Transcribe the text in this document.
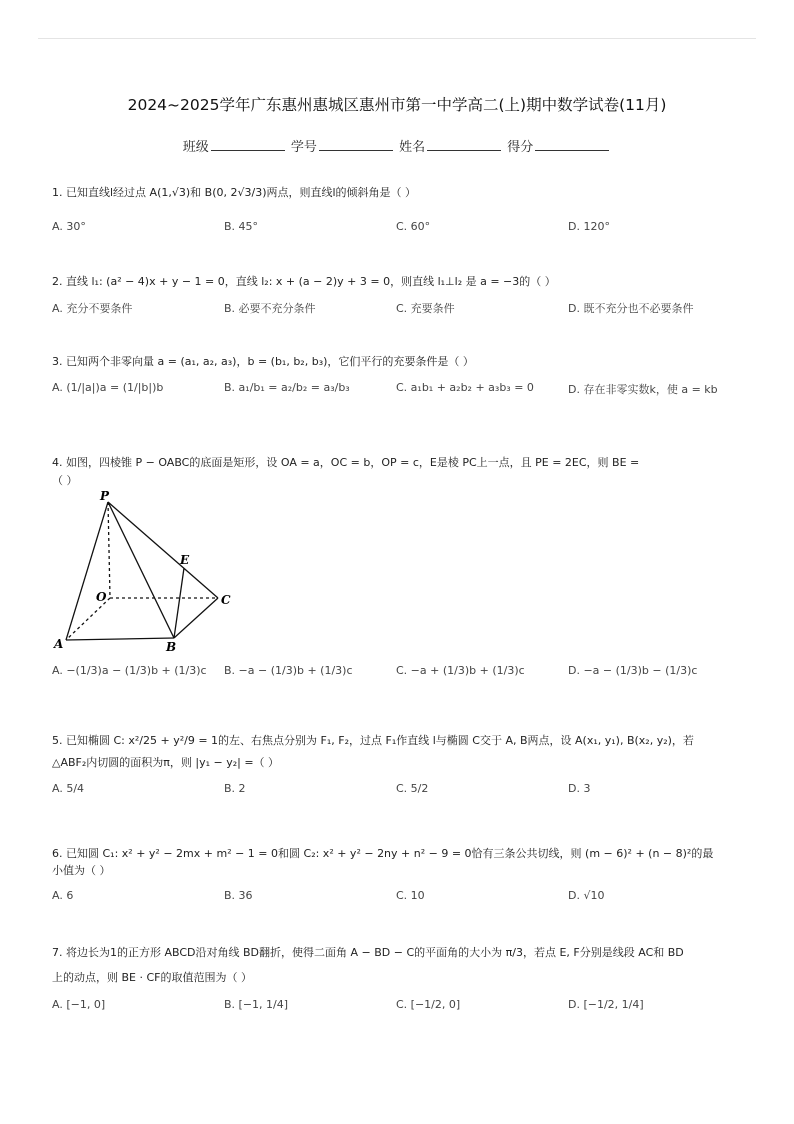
2024~2025学年广东惠州惠城区惠州市第一中学高二(上)期中数学试卷(11月)
班级	学号	姓名	得分
1. 已知直线l经过点 A(1,√3)和 B(0, 2√3/3)两点，则直线l的倾斜角是（ ）
A. 30°	B. 45°	C. 60°	D. 120°
2. 直线 l₁: (a² − 4)x + y − 1 = 0，直线 l₂: x + (a − 2)y + 3 = 0，则直线 l₁⊥l₂ 是 a = −3的（ ）
A. 充分不要条件	B. 必要不充分条件	C. 充要条件	D. 既不充分也不必要条件
3. 已知两个非零向量 a = (a₁, a₂, a₃)，b = (b₁, b₂, b₃)，它们平行的充要条件是（ ）
A. (1/|a|)a = (1/|b|)b	B. a₁/b₁ = a₂/b₂ = a₃/b₃	C. a₁b₁ + a₂b₂ + a₃b₃ = 0	D. 存在非零实数k，使 a = kb
4. 如图，四棱锥 P − OABC的底面是矩形，设 OA = a，OC = b，OP = c，E是棱 PC上一点，且 PE = 2EC，则 BE =
（ ）
P
E
O	C
A	B
A. −(1/3)a − (1/3)b + (1/3)c B. −a − (1/3)b + (1/3)c	C. −a + (1/3)b + (1/3)c	D. −a − (1/3)b − (1/3)c
5. 已知椭圆 C: x²/25 + y²/9 = 1的左、右焦点分别为 F₁, F₂，过点 F₁作直线 l与椭圆 C交于 A, B两点，设 A(x₁, y₁), B(x₂, y₂)，若
△ABF₂内切圆的面积为π，则 |y₁ − y₂| =（ ）
A. 5/4	B. 2	C. 5/2	D. 3
6. 已知圆 C₁: x² + y² − 2mx + m² − 1 = 0和圆 C₂: x² + y² − 2ny + n² − 9 = 0恰有三条公共切线，则 (m − 6)² + (n − 8)²的最
小值为（ ）
A. 6	B. 36	C. 10	D. √10
7. 将边长为1的正方形 ABCD沿对角线 BD翻折，使得二面角 A − BD − C的平面角的大小为 π/3，若点 E, F分别是线段 AC和 BD
上的动点，则 BE · CF的取值范围为（ ）
A. [−1, 0]	B. [−1, 1/4]	C. [−1/2, 0]	D. [−1/2, 1/4]
